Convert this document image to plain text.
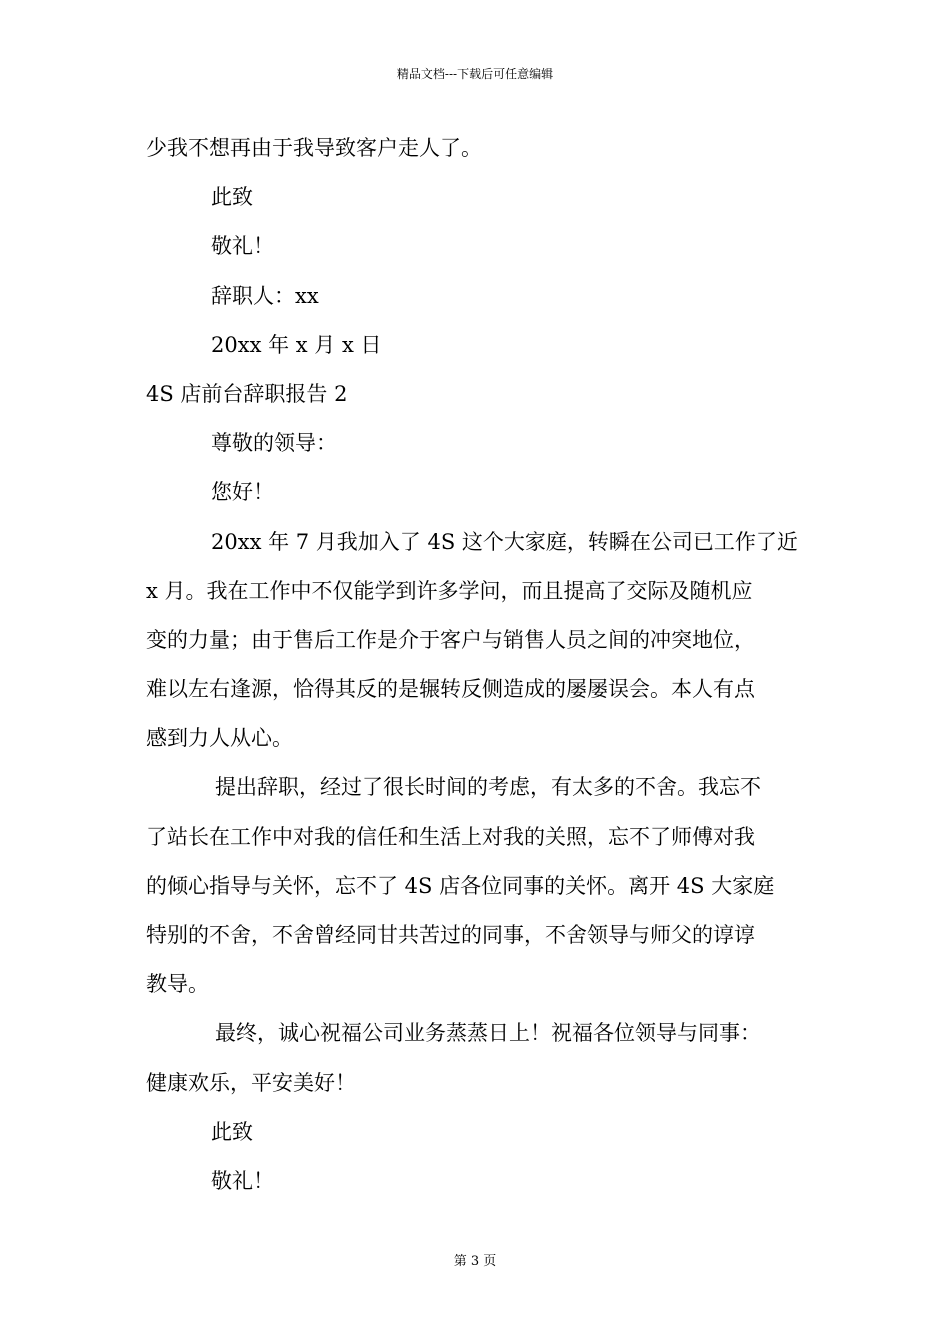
精品文档---下载后可任意编辑
少我不想再由于我导致客户走人了。
此致
敬礼！
辞职人：xx
20xx 年 x 月 x 日
4S 店前台辞职报告 2
尊敬的领导：
您好！
20xx 年 7 月我加入了 4S 这个大家庭，转瞬在公司已工作了近
x 月。我在工作中不仅能学到许多学问，而且提高了交际及随机应
变的力量；由于售后工作是介于客户与销售人员之间的冲突地位，
难以左右逢源，恰得其反的是辗转反侧造成的屡屡误会。本人有点
感到力人从心。
提出辞职，经过了很长时间的考虑，有太多的不舍。我忘不
了站长在工作中对我的信任和生活上对我的关照，忘不了师傅对我
的倾心指导与关怀，忘不了 4S 店各位同事的关怀。离开 4S 大家庭
特别的不舍，不舍曾经同甘共苦过的同事，不舍领导与师父的谆谆
教导。
最终，诚心祝福公司业务蒸蒸日上！祝福各位领导与同事：
健康欢乐，平安美好！
此致
敬礼！
第 3 页
